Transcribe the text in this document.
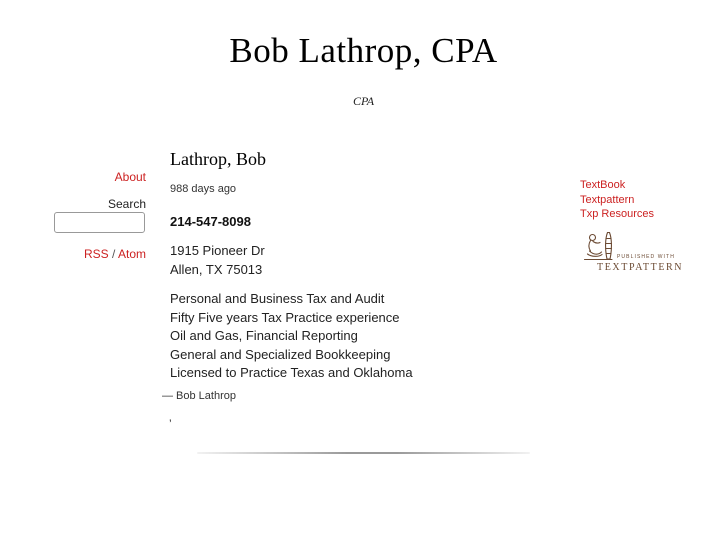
Bob Lathrop, CPA
CPA
About
Search
RSS / Atom
Lathrop, Bob
988 days ago
214-547-8098
1915 Pioneer Dr
Allen, TX 75013
Personal and Business Tax and Audit
Fifty Five years Tax Practice experience
Oil and Gas, Financial Reporting
General and Specialized Bookkeeping
Licensed to Practice Texas and Oklahoma
— Bob Lathrop
’
TextBook
Textpattern
Txp Resources
PUBLISHED WITH
TEXTPATTERN
